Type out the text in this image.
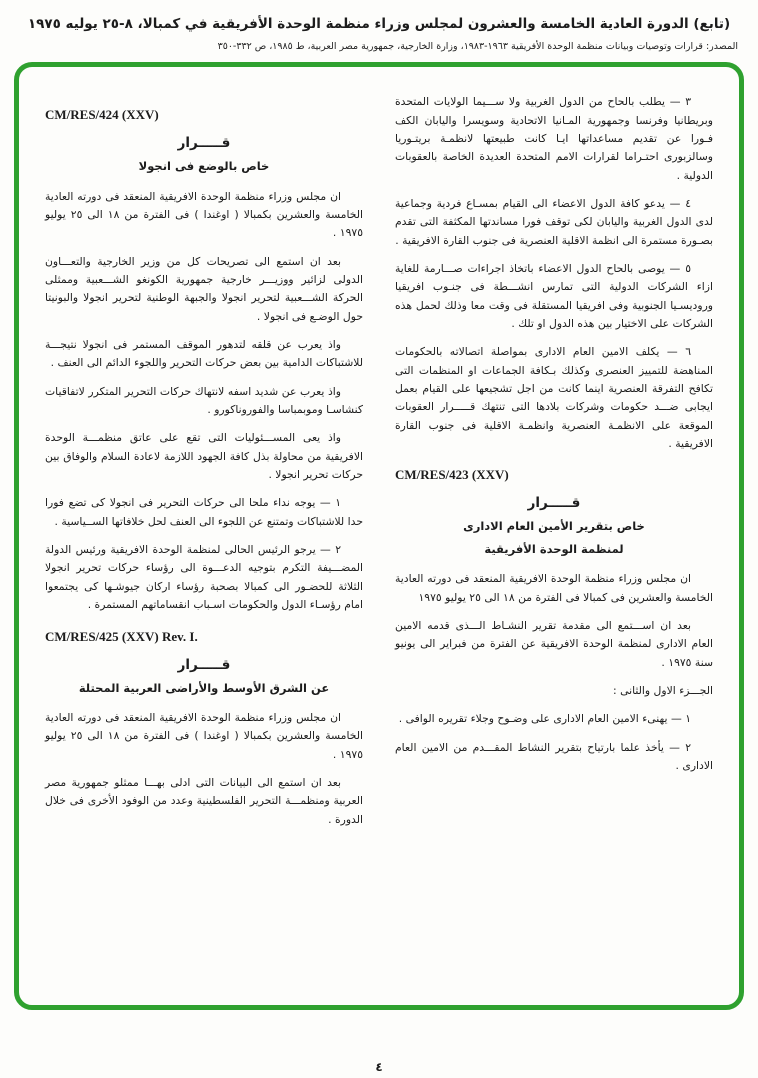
(تابع) الدورة العادية الخامسة والعشرون لمجلس وزراء منظمة الوحدة الأفريقية في كمبالا، ٨-٢٥ يوليه ١٩٧٥
المصدر: قرارات وتوصيات وبيانات منظمة الوحدة الأفريقية ١٩٦٣-١٩٨٣، وزارة الخارجية، جمهورية مصر العربية، ط ١٩٨٥، ص ٣٣٢-٣٥٠
٣ — يطلب بالحاح من الدول الغربية ولا ســـيما الولايات المتحدة وبريطانيا وفرنسا وجمهورية المـانيا الاتحادية وسويسرا واليابان الكف فـورا عن تقديم مساعداتها ايـا كانت طبيعتها لانظمـة بريتـوريا وسالزبورى احتـراما لقرارات الامم المتحدة العديدة الخاصة بالعقوبات الدولية .
٤ — يدعو كافة الدول الاعضاء الى القيام بمسـاع فردية وجماعية لدى الدول الغربية واليابان لكى توقف فورا مساندتها المكثفة التى تقدم بصـورة مستمرة الى انظمة الاقلية العنصرية فى جنوب القارة الافريقية .
٥ — يوصى بالحاح الدول الاعضاء باتخاذ اجراءات صـــارمة للغاية ازاء الشركات الدولية التى تمارس انشـــطة فى جنـوب افريقيا وروديسـيا الجنوبية وفى افريقيا المستقلة فى وقت معا وذلك لحمل هذه الشركات على الاختيار بين هذه الدول او تلك .
٦ — يكلف الامين العام الادارى بمواصلة اتصالاته بالحكومات المناهضة للتمييز العنصرى وكذلك بـكافة الجماعات او المنظمات التى تكافح التفرقة العنصرية اينما كانت من اجل تشجيعها على القيام بعمل ايجابى ضـــد حكومات وشركات بلادها التى تنتهك قـــــرار العقوبات الموقعة على الانظمـة العنصرية وانظمـة الاقلية فى جنوب القارة الافريقية .
CM/RES/423 (XXV)
قـــــرار
خاص بتقرير الأمين العام الادارى
لمنظمة الوحدة الأفريقية
ان مجلس وزراء منظمة الوحدة الافريقية المنعقد فى دورته العادية الخامسة والعشرين فى كمبالا فى الفترة من ١٨ الى ٢٥ يوليو ١٩٧٥
بعد ان اســـتمع الى مقدمة تقرير النشـاط الـــذى قدمه الامين العام الادارى لمنظمة الوحدة الافريقية عن الفترة من فبراير الى يونيو سنة ١٩٧٥ .
الجـــزء الاول والثانى :
١ — يهنىء الامين العام الادارى على وضـوح وجلاء تقريره الوافى .
٢ — يأخذ علما بارتياح بتقرير النشاط المقـــدم من الامين العام الادارى .
CM/RES/424 (XXV)
قـــــرار
خاص بالوضع فى انجولا
ان مجلس وزراء منظمة الوحدة الافريقية المنعقد فى دورته العادية الخامسة والعشرين بكمبالا ( اوغندا ) فى الفترة من ١٨ الى ٢٥ يوليو ١٩٧٥ .
بعد ان استمع الى تصريحات كل من وزير الخارجية والتعـــاون الدولى لزائير ووزيـــر خارجية جمهورية الكونغو الشـــعبية وممثلى الحركة الشـــعبية لتحرير انجولا والجبهة الوطنية لتحرير انجولا والبونيتا حول الوضـع فى انجولا .
واذ يعرب عن قلقه لتدهور الموقف المستمر فى انجولا نتيجـــة للاشتباكات الدامية بين بعض حركات التحرير واللجوء الدائم الى العنف .
واذ يعرب عن شديد اسفه لانتهاك حركات التحرير المتكرر لاتفاقيات كنشاسـا وموبمباسا والفوروناكورو .
واذ يعى المســـئوليات التى تقع على عاتق منظمـــة الوحدة الافريقية من محاولة بذل كافة الجهود اللازمة لاعادة السلام والوفاق بين حركات تحرير انجولا .
١ — يوجه نداء ملحا الى حركات التحرير فى انجولا كى تضع فورا حدا للاشتباكات وتمتنع عن اللجوء الى العنف لحل خلافاتها الســياسية .
٢ — يرجو الرئيس الحالى لمنظمة الوحدة الافريقية ورئيس الدولة المضـــيفة التكرم بتوجيه الدعـــوة الى رؤساء حركات تحرير انجولا الثلاثة للحضـور الى كمبالا بصحبة رؤساء اركان جيوشـها كى يجتمعوا امام رؤسـاء الدول والحكومات اسـباب انقساماتهم المستمرة .
CM/RES/425 (XXV) Rev. I.
قـــــرار
عن الشرق الأوسط والأراضى العربية المحتلة
ان مجلس وزراء منظمة الوحدة الافريقية المنعقد فى دورته العادية الخامسة والعشرين بكمبالا ( اوغندا ) فى الفترة من ١٨ الى ٢٥ يوليو ١٩٧٥ .
بعد ان استمع الى البيانات التى ادلى بهـــا ممثلو جمهورية مصر العربية ومنظمـــة التحرير الفلسطينية وعدد من الوفود الأخرى فى خلال الدورة .
٤
